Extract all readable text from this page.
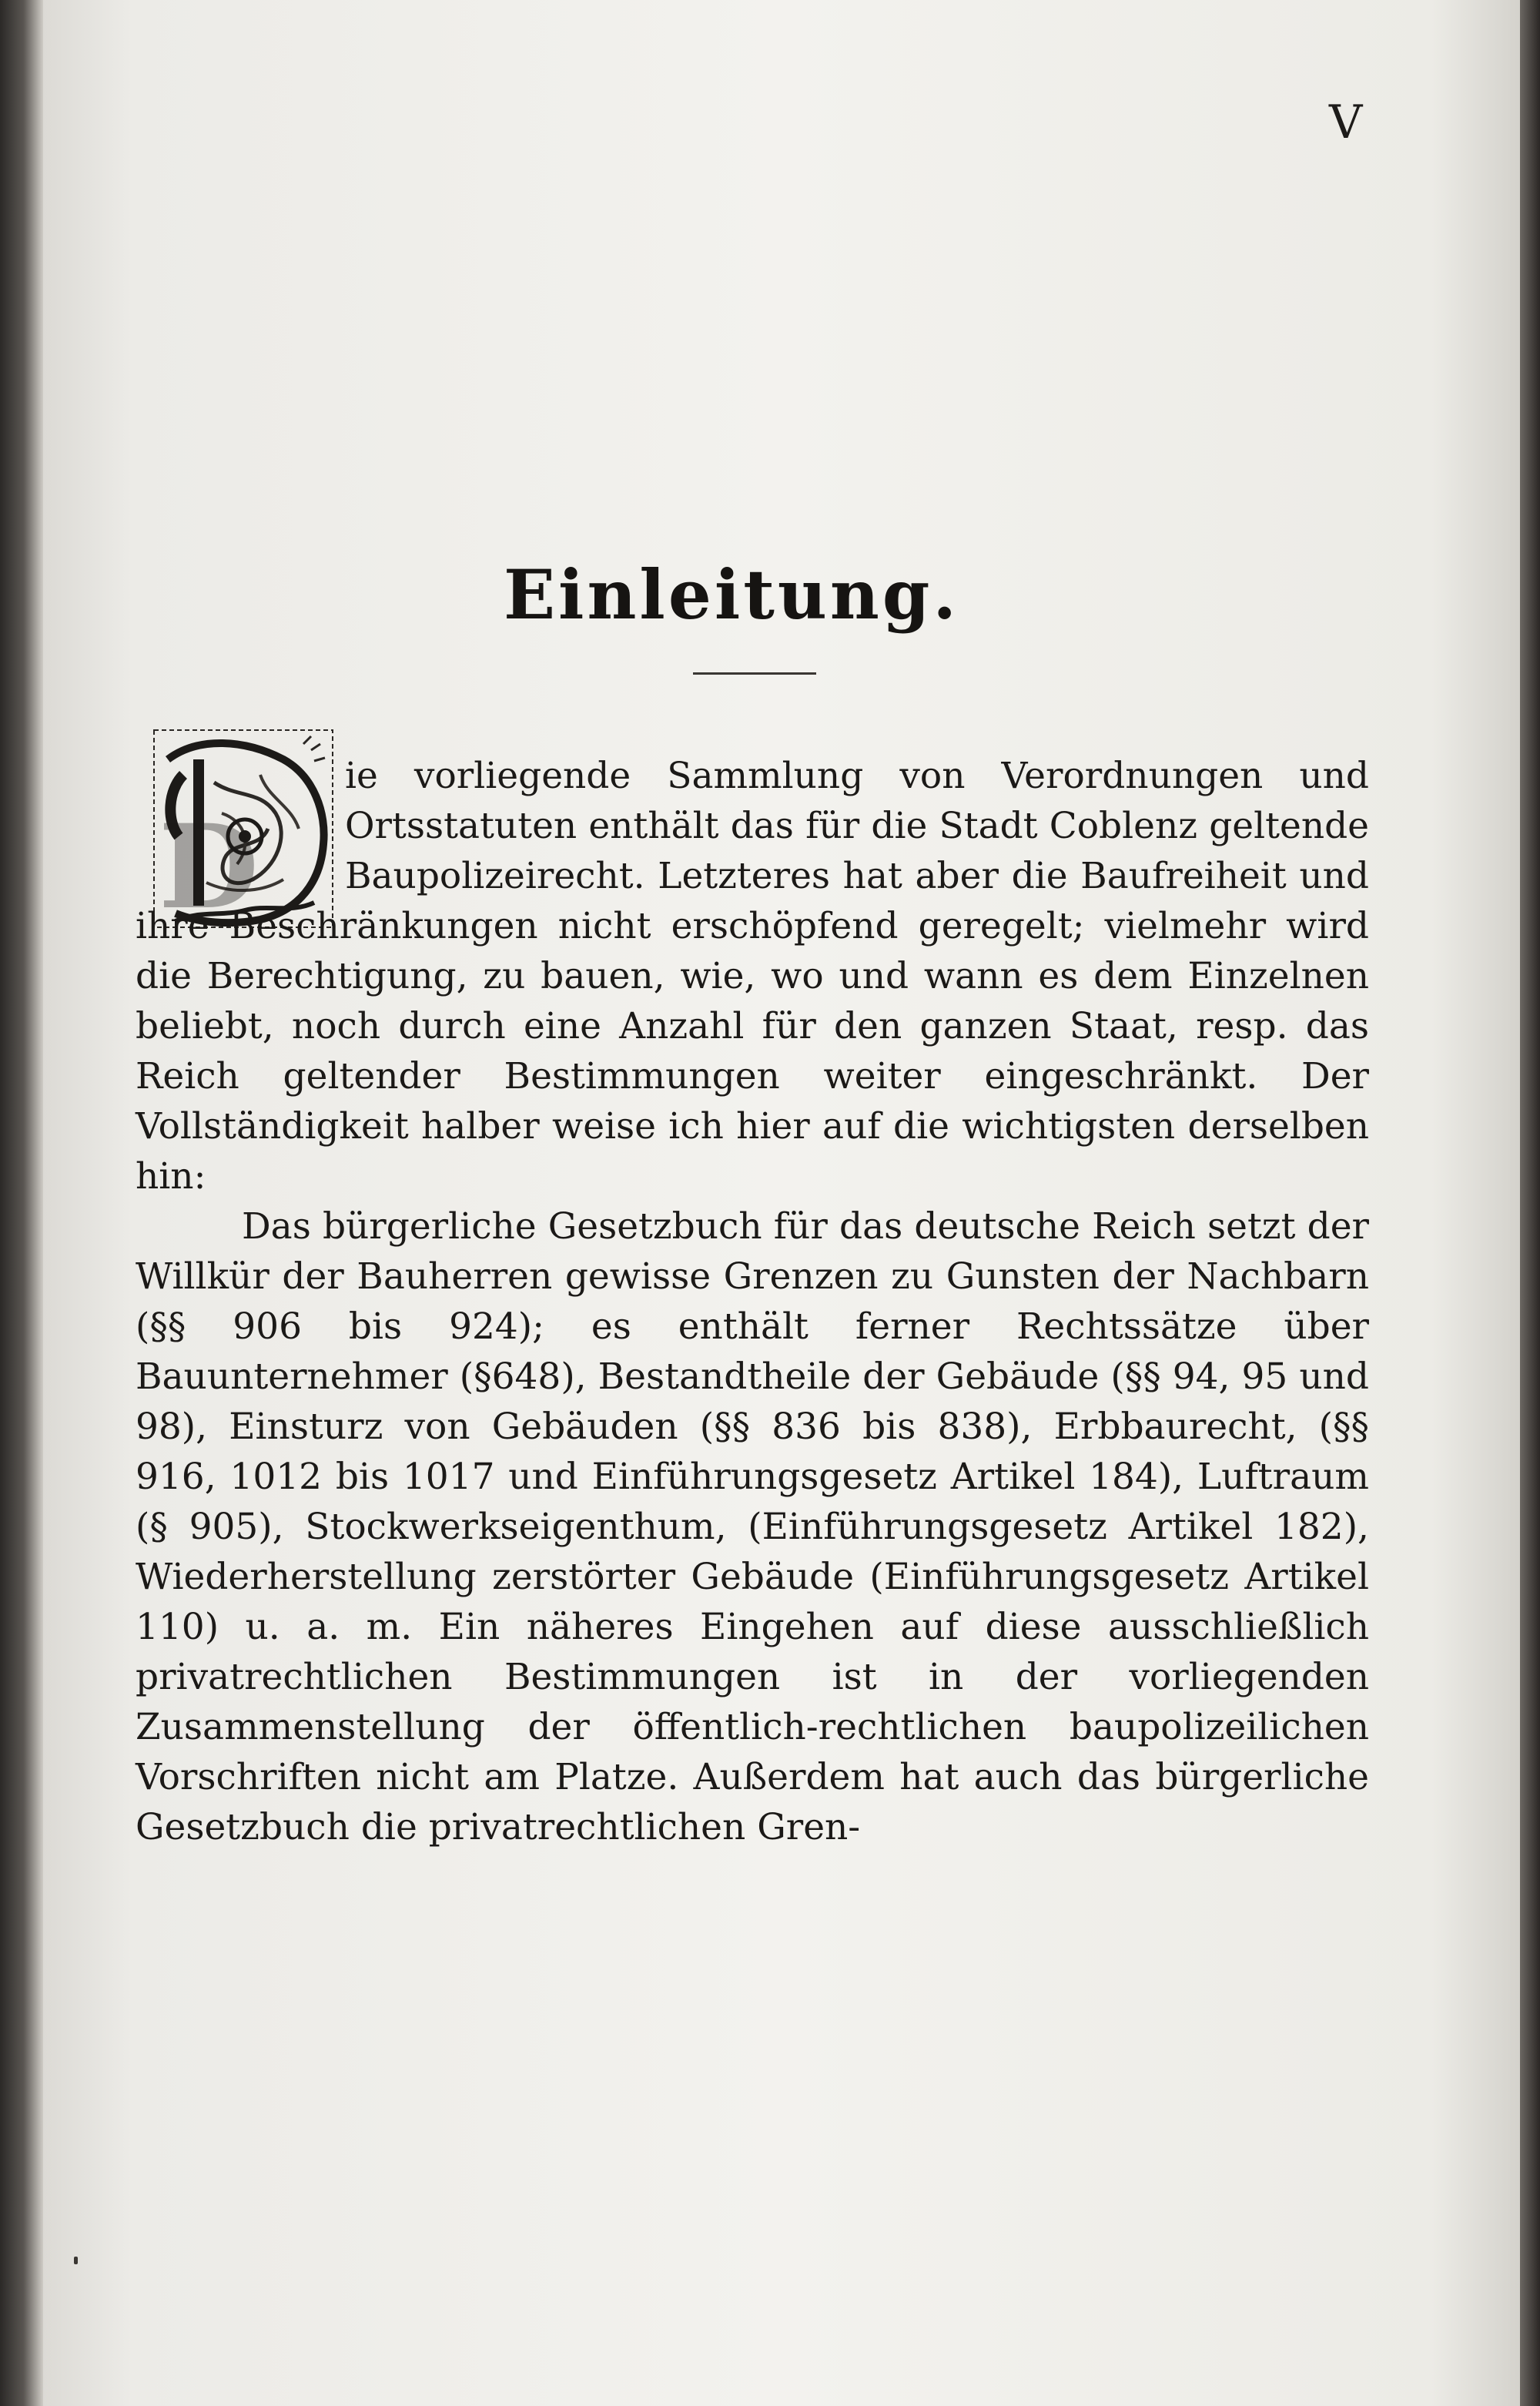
V
Einleitung.
D

ie vorliegende Sammlung von Verordnungen und Ortsstatuten enthält das für die Stadt Coblenz geltende Baupolizeirecht. Letzteres hat aber die Baufreiheit und ihre Beschränkungen nicht erschöpfend geregelt; vielmehr wird die Berechtigung, zu bauen, wie, wo und wann es dem Einzelnen beliebt, noch durch eine Anzahl für den ganzen Staat, resp. das Reich geltender Bestimmungen weiter eingeschränkt. Der Vollständigkeit halber weise ich hier auf die wichtigsten derselben hin:

Das bürgerliche Gesetzbuch für das deutsche Reich setzt der Willkür der Bauherren gewisse Grenzen zu Gunsten der Nachbarn (§§ 906 bis 924); es enthält ferner Rechtssätze über Bauunternehmer (§648), Bestandtheile der Gebäude (§§ 94, 95 und 98), Einsturz von Gebäuden (§§ 836 bis 838), Erbbaurecht, (§§ 916, 1012 bis 1017 und Einführungsgesetz Artikel 184), Luftraum (§ 905), Stockwerkseigenthum, (Einführungsgesetz Artikel 182), Wiederherstellung zerstörter Gebäude (Einführungsgesetz Artikel 110) u. a. m. Ein näheres Eingehen auf diese ausschließlich privatrechtlichen Bestimmungen ist in der vorliegenden Zusammenstellung der öffentlich-rechtlichen baupolizeilichen Vorschriften nicht am Platze. Außerdem hat auch das bürgerliche Gesetzbuch die privatrechtlichen Gren-
